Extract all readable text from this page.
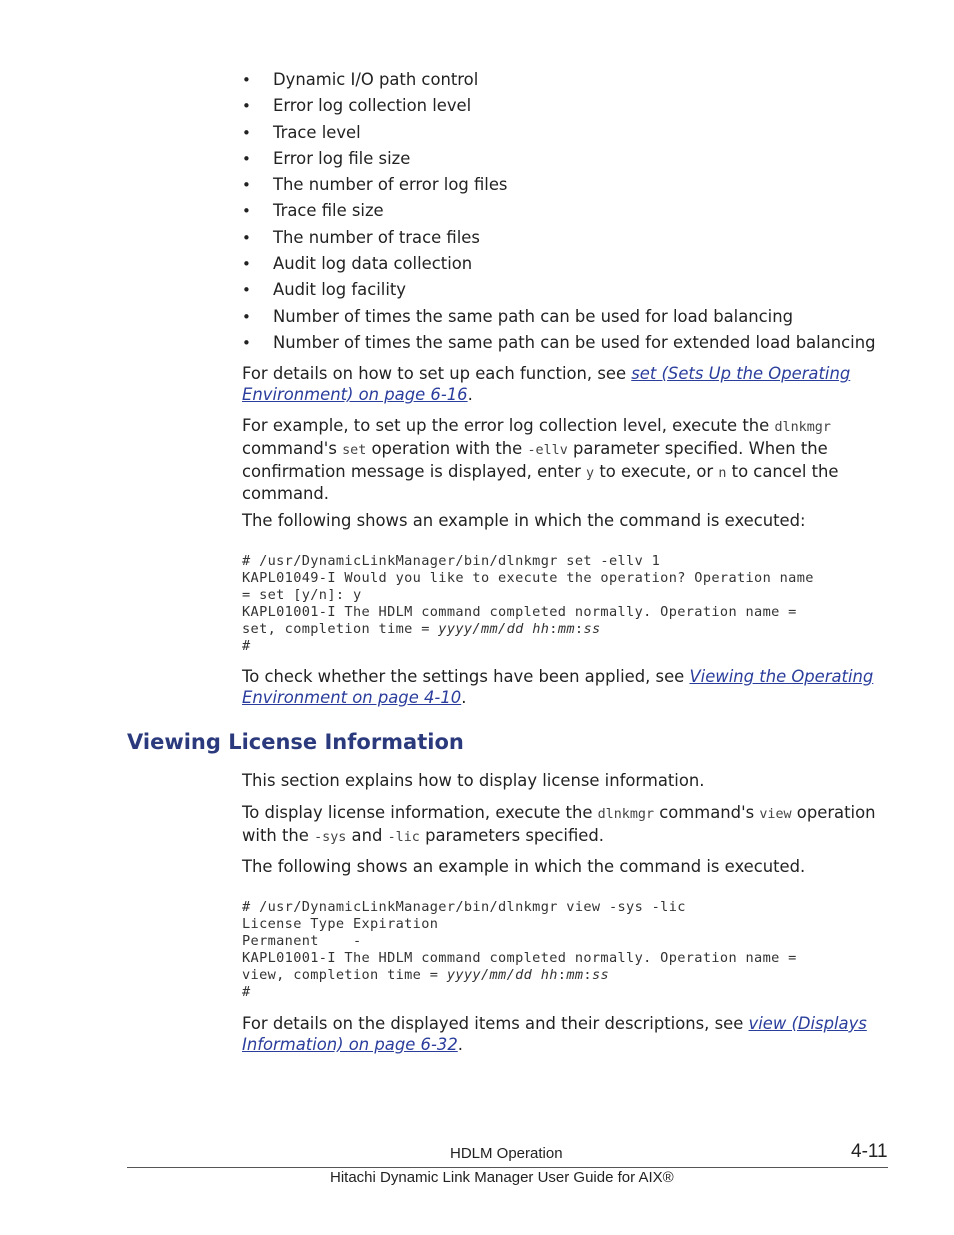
• Dynamic I/O path control
• Error log collection level
• Trace level
• Error log file size
• The number of error log files
• Trace file size
• The number of trace files
• Audit log data collection
• Audit log facility
• Number of times the same path can be used for load balancing
• Number of times the same path can be used for extended load balancing

For details on how to set up each function, see set (Sets Up the Operating Environment) on page 6-16.

For example, to set up the error log collection level, execute the dlnkmgr command's set operation with the -ellv parameter specified. When the confirmation message is displayed, enter y to execute, or n to cancel the command.

The following shows an example in which the command is executed:

# /usr/DynamicLinkManager/bin/dlnkmgr set -ellv 1
KAPL01049-I Would you like to execute the operation? Operation name
= set [y/n]: y
KAPL01001-I The HDLM command completed normally. Operation name =
set, completion time = yyyy/mm/dd hh:mm:ss
#

To check whether the settings have been applied, see Viewing the Operating Environment on page 4-10.

Viewing License Information

This section explains how to display license information.

To display license information, execute the dlnkmgr command's view operation with the -sys and -lic parameters specified.

The following shows an example in which the command is executed.

# /usr/DynamicLinkManager/bin/dlnkmgr view -sys -lic
License Type Expiration
Permanent    -
KAPL01001-I The HDLM command completed normally. Operation name =
view, completion time = yyyy/mm/dd hh:mm:ss
#

For details on the displayed items and their descriptions, see view (Displays Information) on page 6-32.

HDLM Operation	4-11
Hitachi Dynamic Link Manager User Guide for AIX®
